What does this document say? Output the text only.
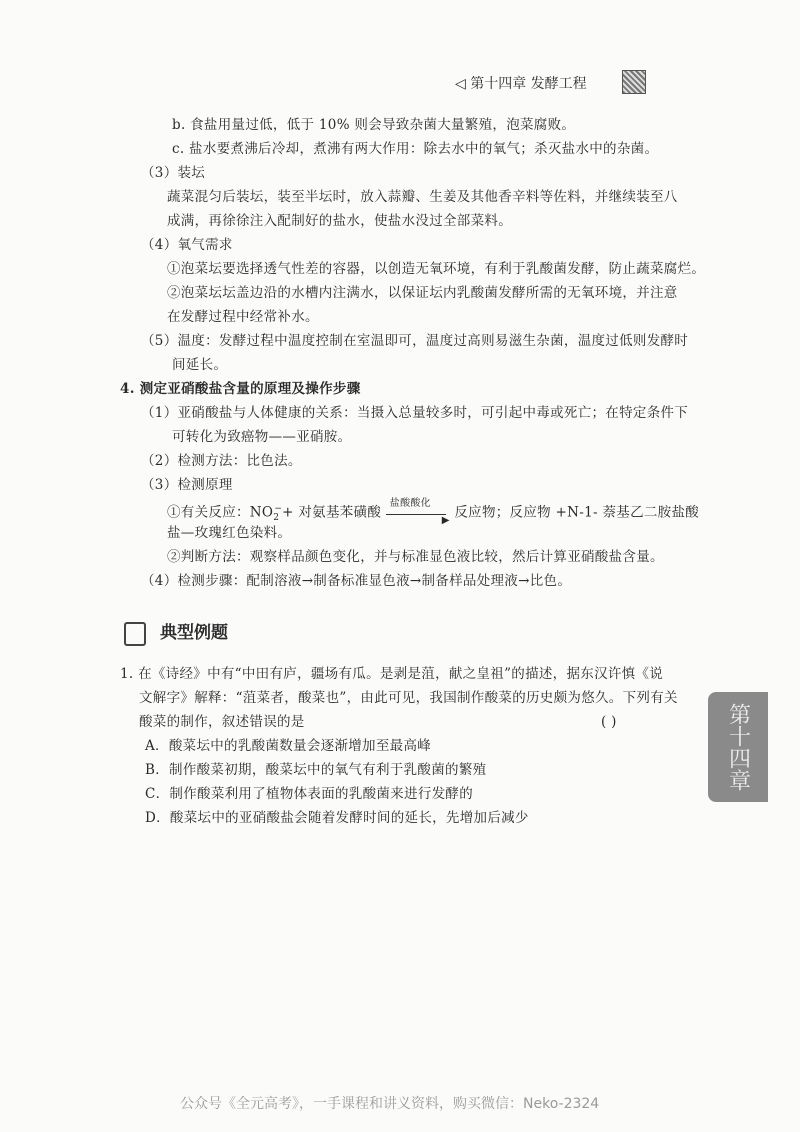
◁ 第十四章 发酵工程
b. 食盐用量过低，低于 10% 则会导致杂菌大量繁殖，泡菜腐败。
c. 盐水要煮沸后冷却，煮沸有两大作用：除去水中的氧气；杀灭盐水中的杂菌。
（3）装坛
蔬菜混匀后装坛，装至半坛时，放入蒜瓣、生姜及其他香辛料等佐料，并继续装至八
成满，再徐徐注入配制好的盐水，使盐水没过全部菜料。
（4）氧气需求
①泡菜坛要选择透气性差的容器，以创造无氧环境，有利于乳酸菌发酵，防止蔬菜腐烂。
②泡菜坛坛盖边沿的水槽内注满水，以保证坛内乳酸菌发酵所需的无氧环境，并注意
在发酵过程中经常补水。
（5）温度：发酵过程中温度控制在室温即可，温度过高则易滋生杂菌，温度过低则发酵时
间延长。
4. 测定亚硝酸盐含量的原理及操作步骤
（1）亚硝酸盐与人体健康的关系：当摄入总量较多时，可引起中毒或死亡；在特定条件下
可转化为致癌物——亚硝胺。
（2）检测方法：比色法。
（3）检测原理
①有关反应：$NO_2^-+$ 对氨基苯磺酸
盐酸酸化
▶ 反应物；反应物 +N-1- 萘基乙二胺盐酸
盐—玫瑰红色染料。
②判断方法：观察样品颜色变化，并与标准显色液比较，然后计算亚硝酸盐含量。
（4）检测步骤：配制溶液→制备标准显色液→制备样品处理液→比色。
典型例题
1. 在《诗经》中有“中田有庐，疆场有瓜。是剥是菹，献之皇祖”的描述，据东汉许慎《说
文解字》解释：“菹菜者，酸菜也”，由此可见，我国制作酸菜的历史颇为悠久。下列有关
酸菜的制作，叙述错误的是	( )
A．酸菜坛中的乳酸菌数量会逐渐增加至最高峰
B．制作酸菜初期，酸菜坛中的氧气有利于乳酸菌的繁殖
C．制作酸菜利用了植物体表面的乳酸菌来进行发酵的
D．酸菜坛中的亚硝酸盐会随着发酵时间的延长，先增加后减少
第十四章
公众号《全元高考》，一手课程和讲义资料，购买微信：Neko-2324
